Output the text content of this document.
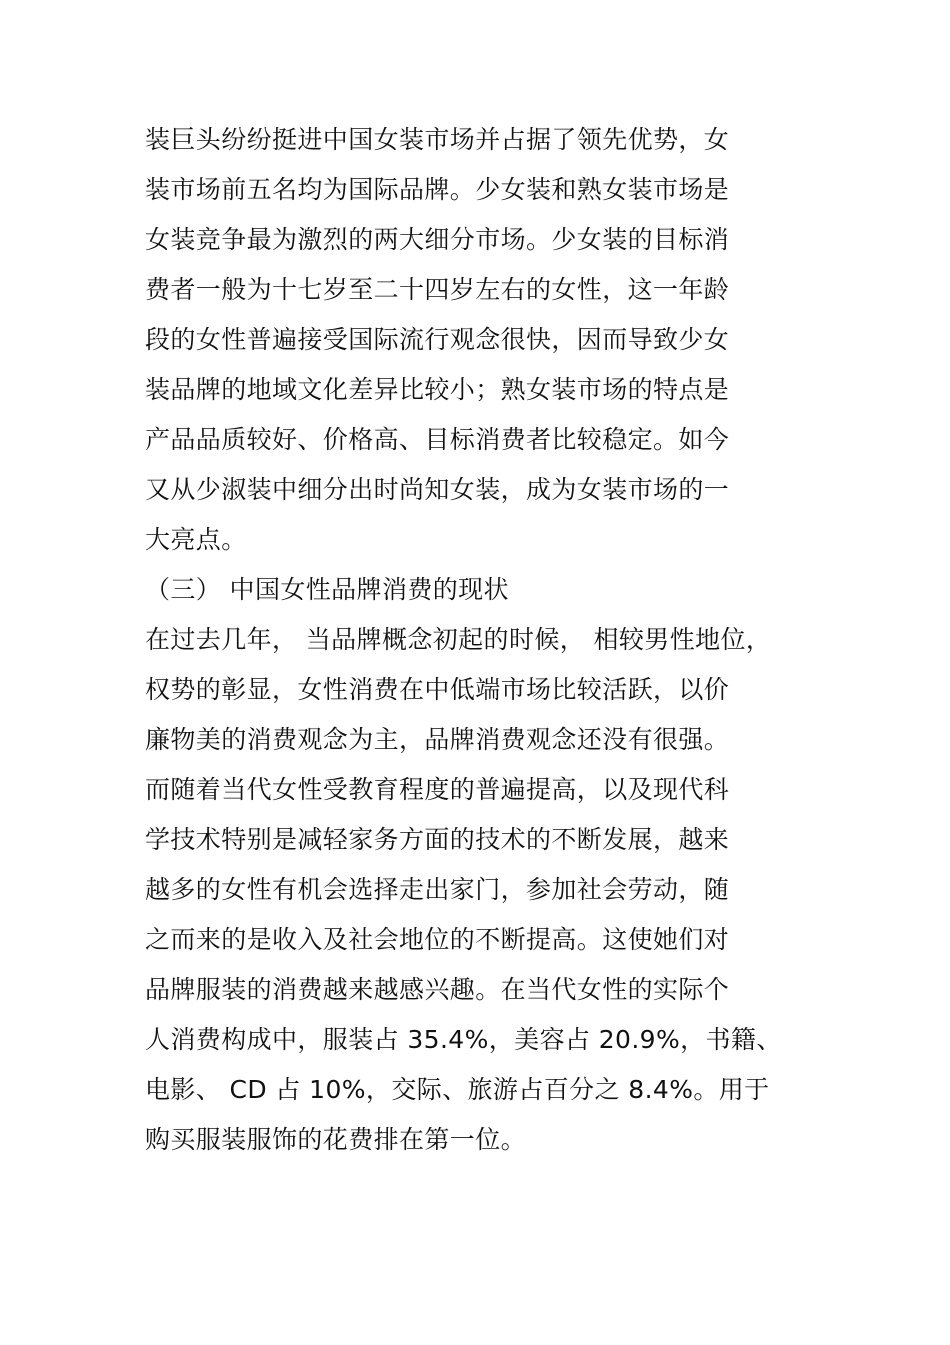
装巨头纷纷挺进中国女装市场并占据了领先优势，女
装市场前五名均为国际品牌。少女装和熟女装市场是
女装竞争最为激烈的两大细分市场。少女装的目标消
费者一般为十七岁至二十四岁左右的女性，这一年龄
段的女性普遍接受国际流行观念很快，因而导致少女
装品牌的地域文化差异比较小；熟女装市场的特点是
产品品质较好、价格高、目标消费者比较稳定。如今
又从少淑装中细分出时尚知女装，成为女装市场的一
大亮点。
（三） 中国女性品牌消费的现状
在过去几年， 当品牌概念初起的时候， 相较男性地位，
权势的彰显，女性消费在中低端市场比较活跃，以价
廉物美的消费观念为主，品牌消费观念还没有很强。
而随着当代女性受教育程度的普遍提高，以及现代科
学技术特别是减轻家务方面的技术的不断发展，越来
越多的女性有机会选择走出家门，参加社会劳动，随
之而来的是收入及社会地位的不断提高。这使她们对
品牌服装的消费越来越感兴趣。在当代女性的实际个
人消费构成中，服装占 35.4%，美容占 20.9%，书籍、
电影、 CD 占 10%，交际、旅游占百分之 8.4%。用于
购买服装服饰的花费排在第一位。
